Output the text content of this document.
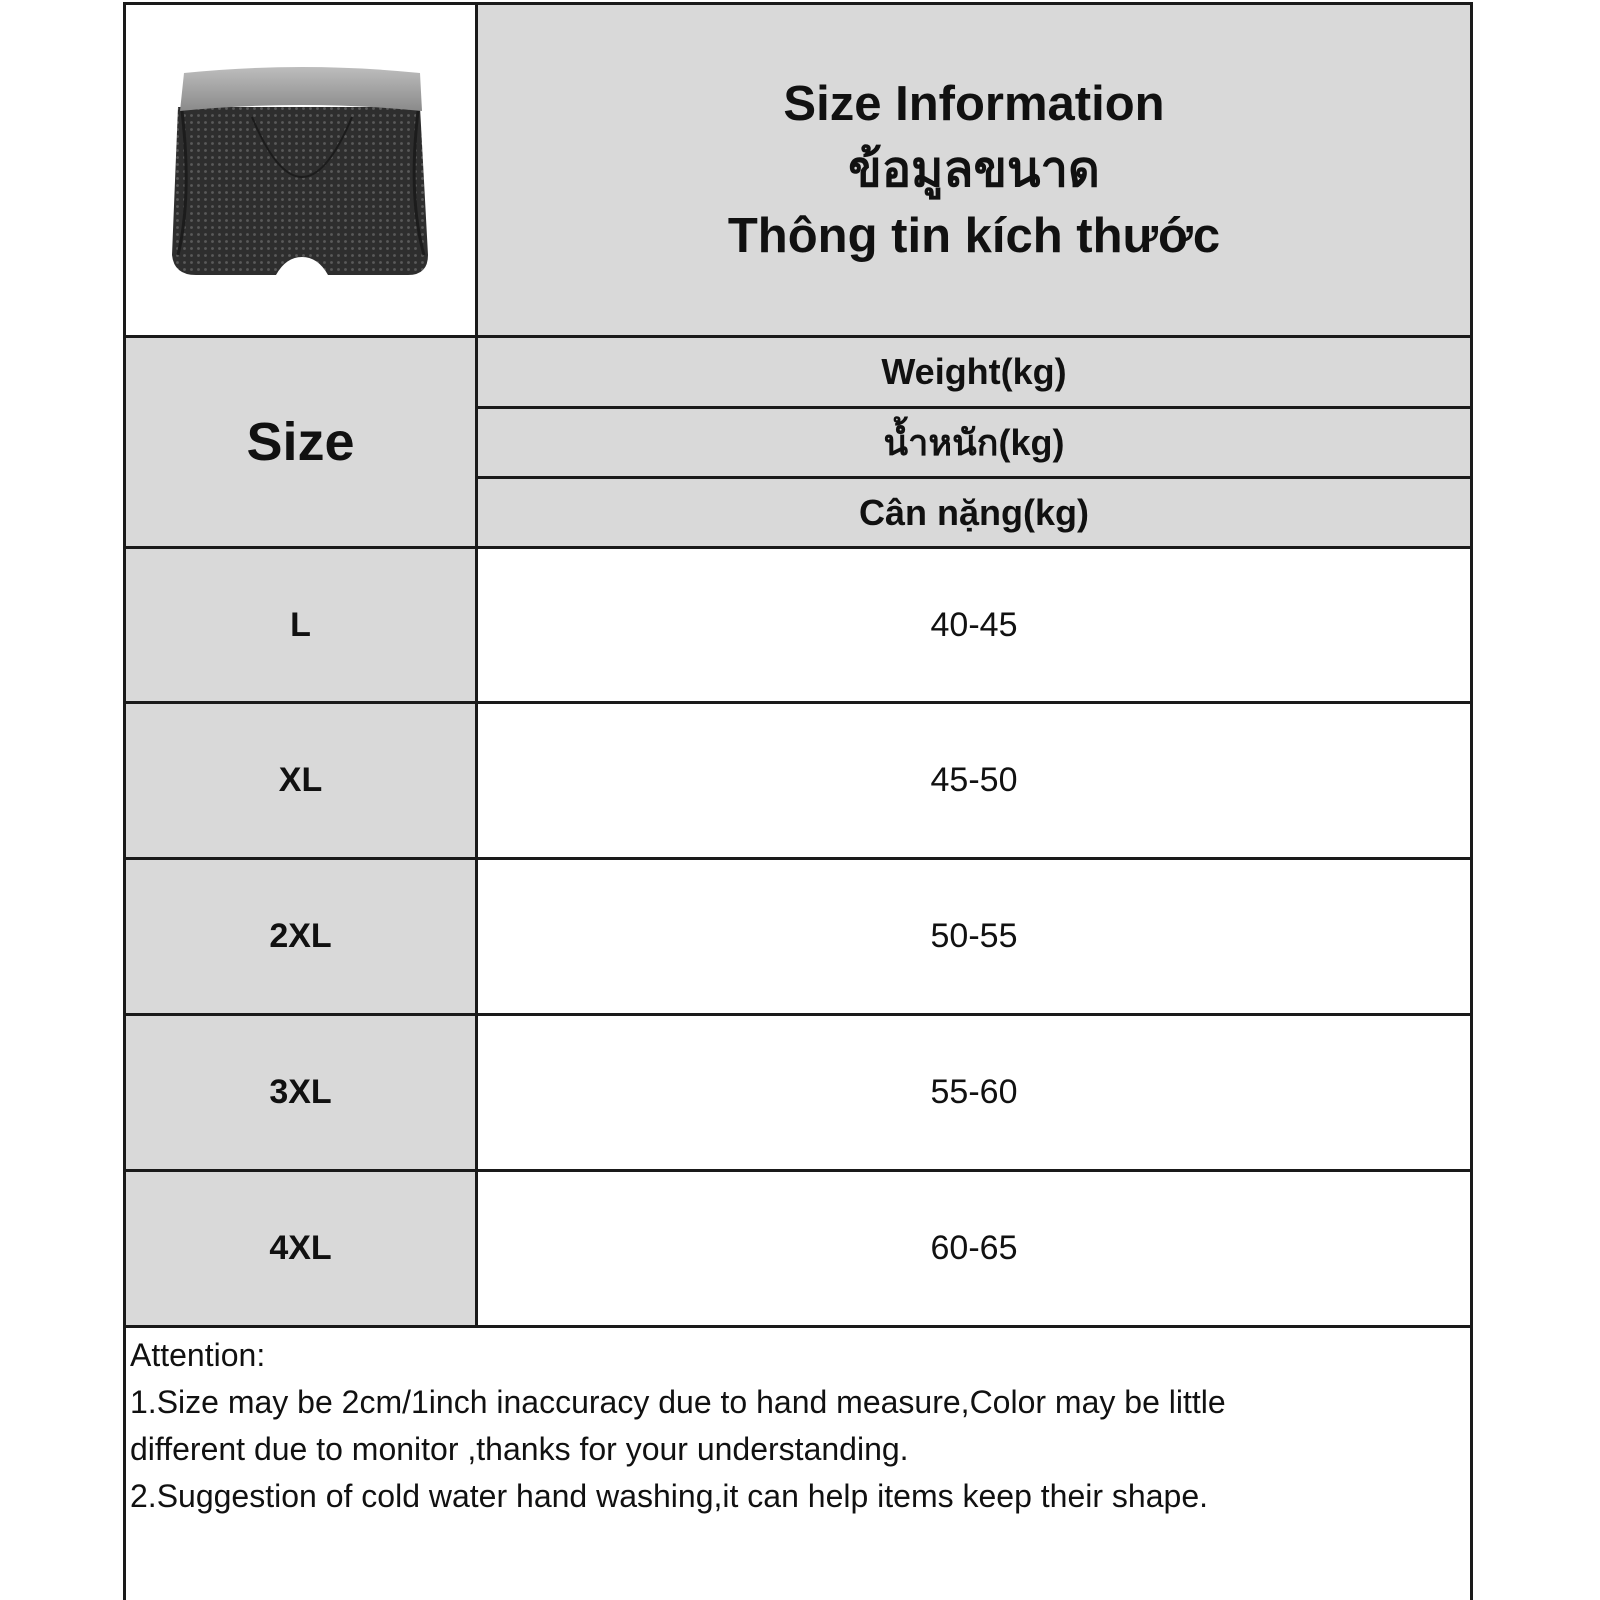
Size Information
ข้อมูลขนาด
Thông tin kích thước
Size
Weight(kg)
น้ำหนัก(kg)
Cân nặng(kg)
L	40-45
XL	45-50
2XL	50-55
3XL	55-60
4XL	60-65
Attention:
1.Size may be 2cm/1inch inaccuracy due to hand measure,Color may be little
different due to monitor ,thanks for your understanding.
2.Suggestion of cold water hand washing,it can help items keep their shape.
